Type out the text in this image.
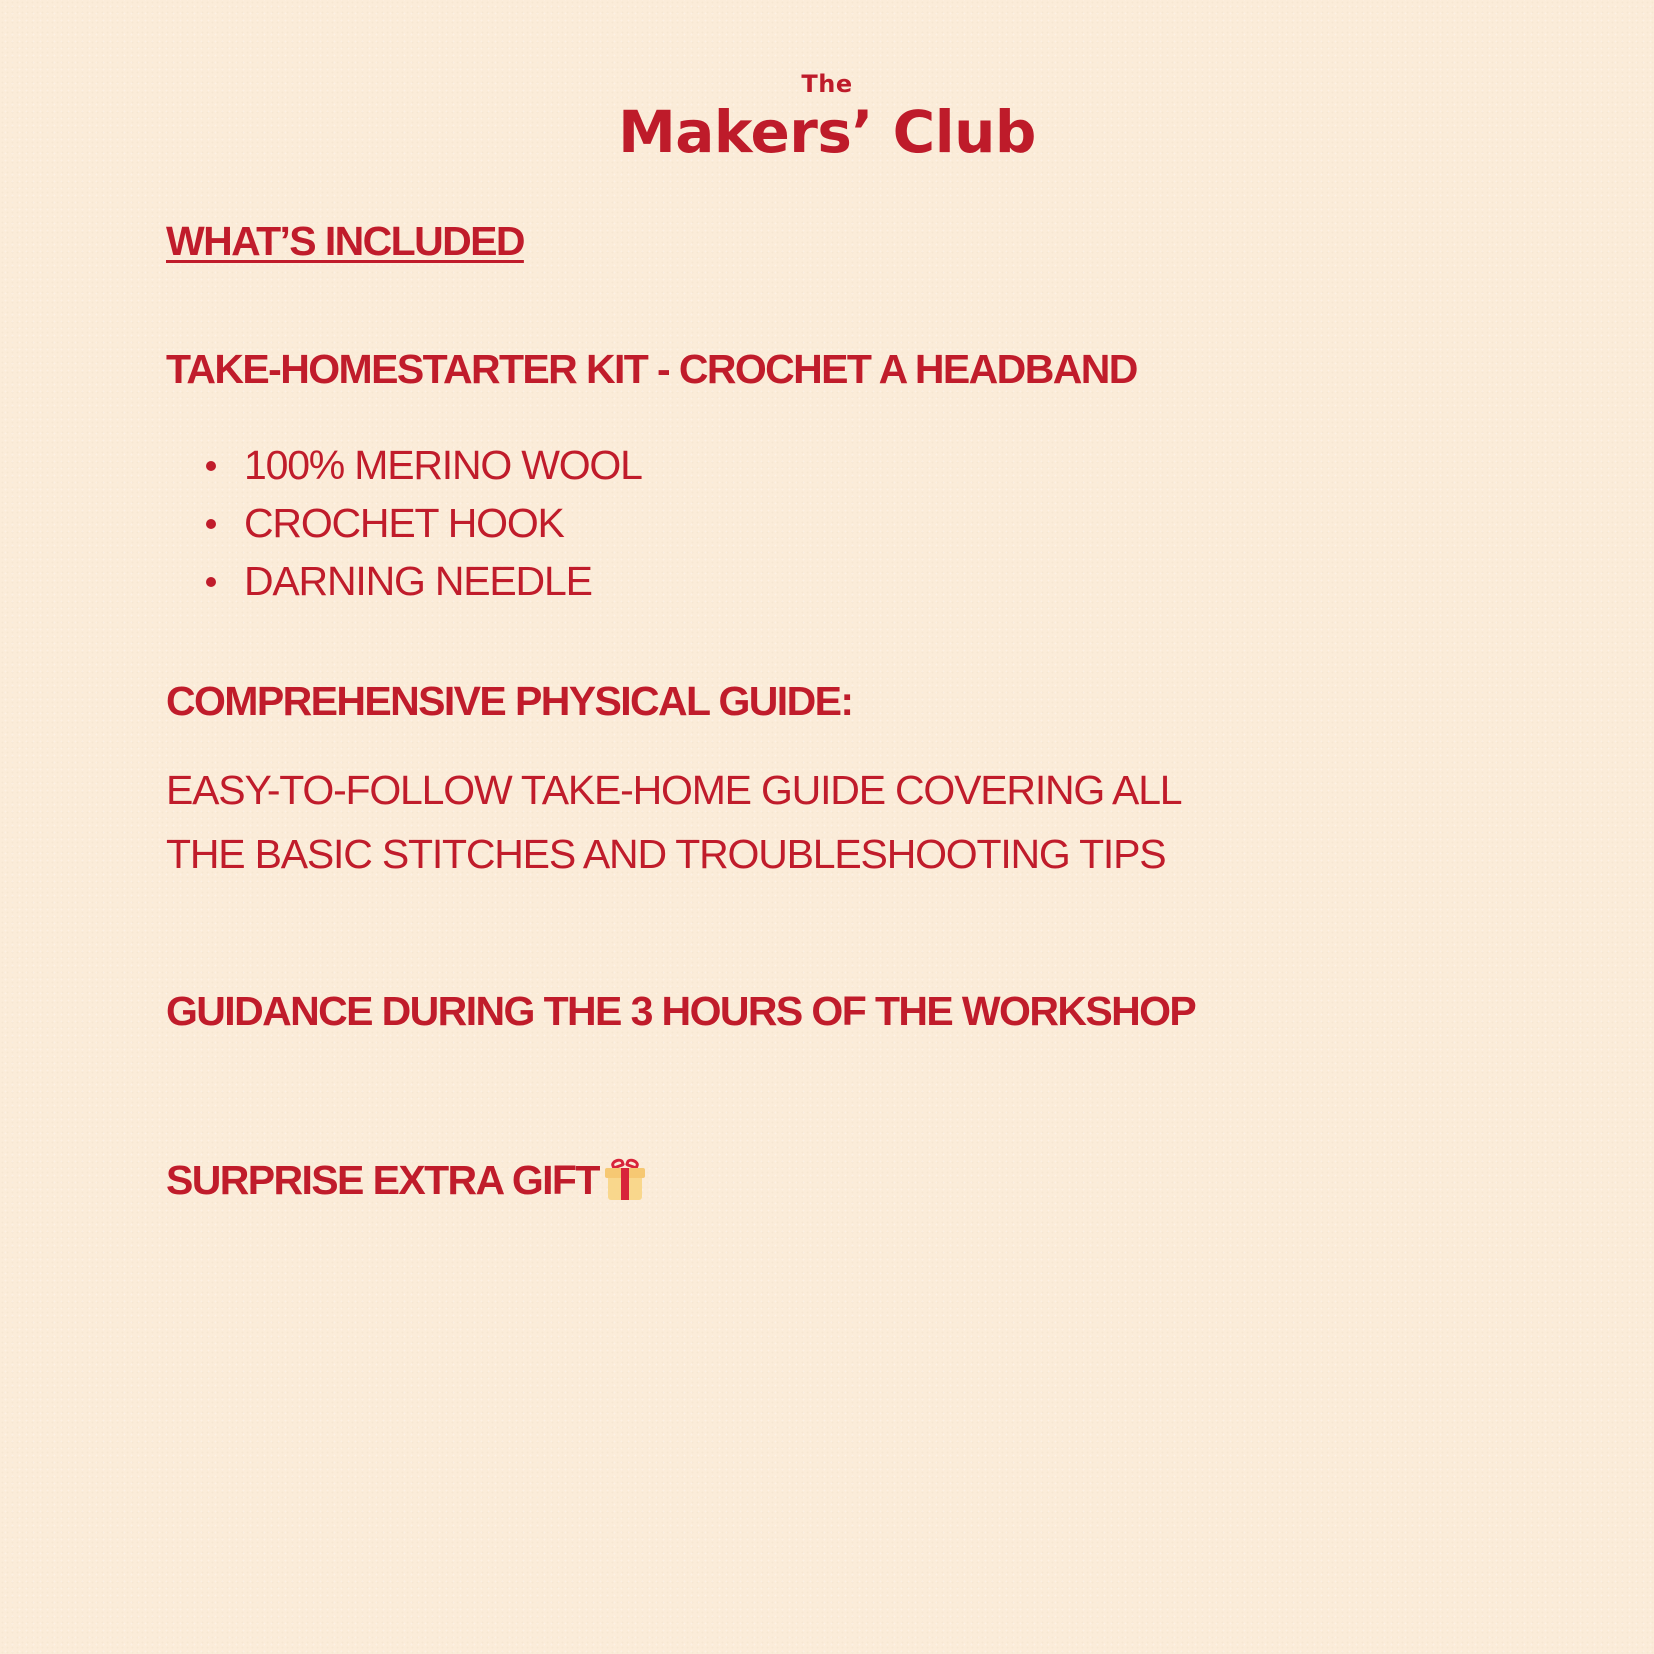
The
Makers’ Club
WHAT’S INCLUDED
TAKE-HOMESTARTER KIT - CROCHET A HEADBAND
100% MERINO WOOL
CROCHET HOOK
DARNING NEEDLE
COMPREHENSIVE PHYSICAL GUIDE:
EASY-TO-FOLLOW TAKE-HOME GUIDE COVERING ALL
THE BASIC STITCHES AND TROUBLESHOOTING TIPS
GUIDANCE DURING THE 3 HOURS OF THE WORKSHOP
SURPRISE EXTRA GIFT
